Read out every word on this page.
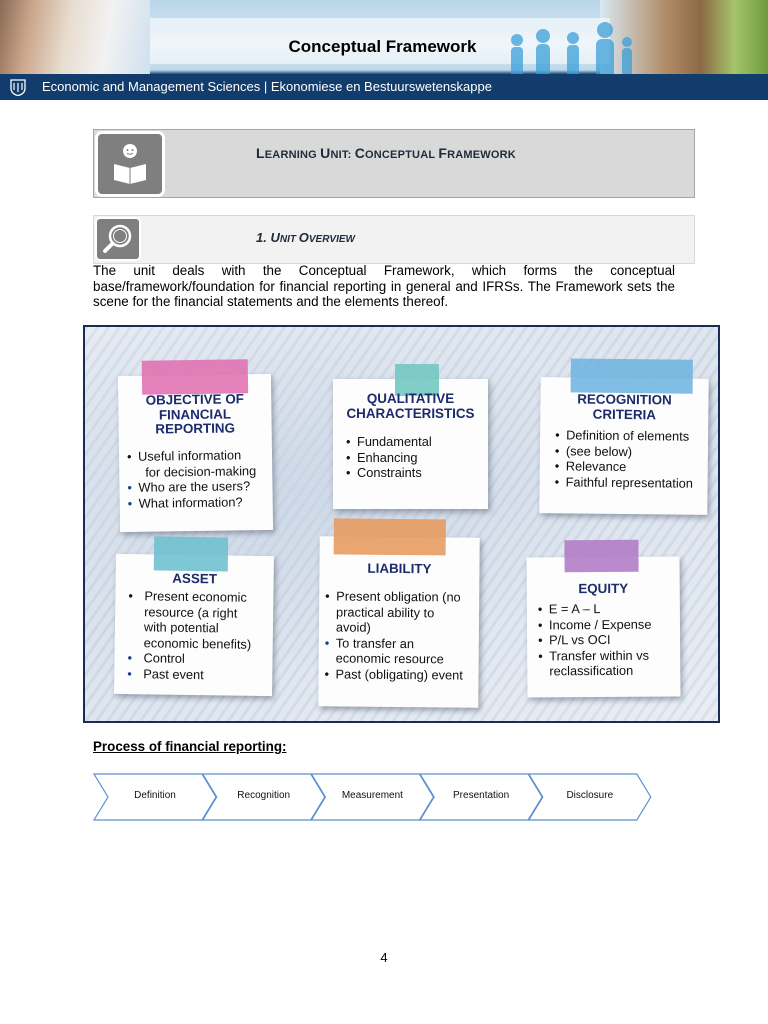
Conceptual Framework
Economic and Management Sciences | Ekonomiese en Bestuurswetenskappe
LEARNING UNIT: CONCEPTUAL FRAMEWORK
1. UNIT OVERVIEW
The unit deals with the Conceptual Framework, which forms the conceptual base/framework/foundation for financial reporting in general and IFRSs. The Framework sets the scene for the financial statements and the elements thereof.
OBJECTIVE OF
FINANCIAL
REPORTING
• Useful information
for decision-making
• Who are the users?
• What information?
QUALITATIVE
CHARACTERISTICS
• Fundamental
• Enhancing
• Constraints
RECOGNITION
CRITERIA
• Definition of elements
• (see below)
• Relevance
• Faithful representation
ASSET
• Present economic
resource (a right
with potential
economic benefits)
• Control
• Past event
LIABILITY
• Present obligation (no
practical ability to
avoid)
• To transfer an
economic resource
• Past (obligating) event
EQUITY
• E = A – L
• Income / Expense
• P/L vs OCI
• Transfer within vs
reclassification
Process of financial reporting:
Definition	Recognition	Measurement	Presentation	Disclosure
4
